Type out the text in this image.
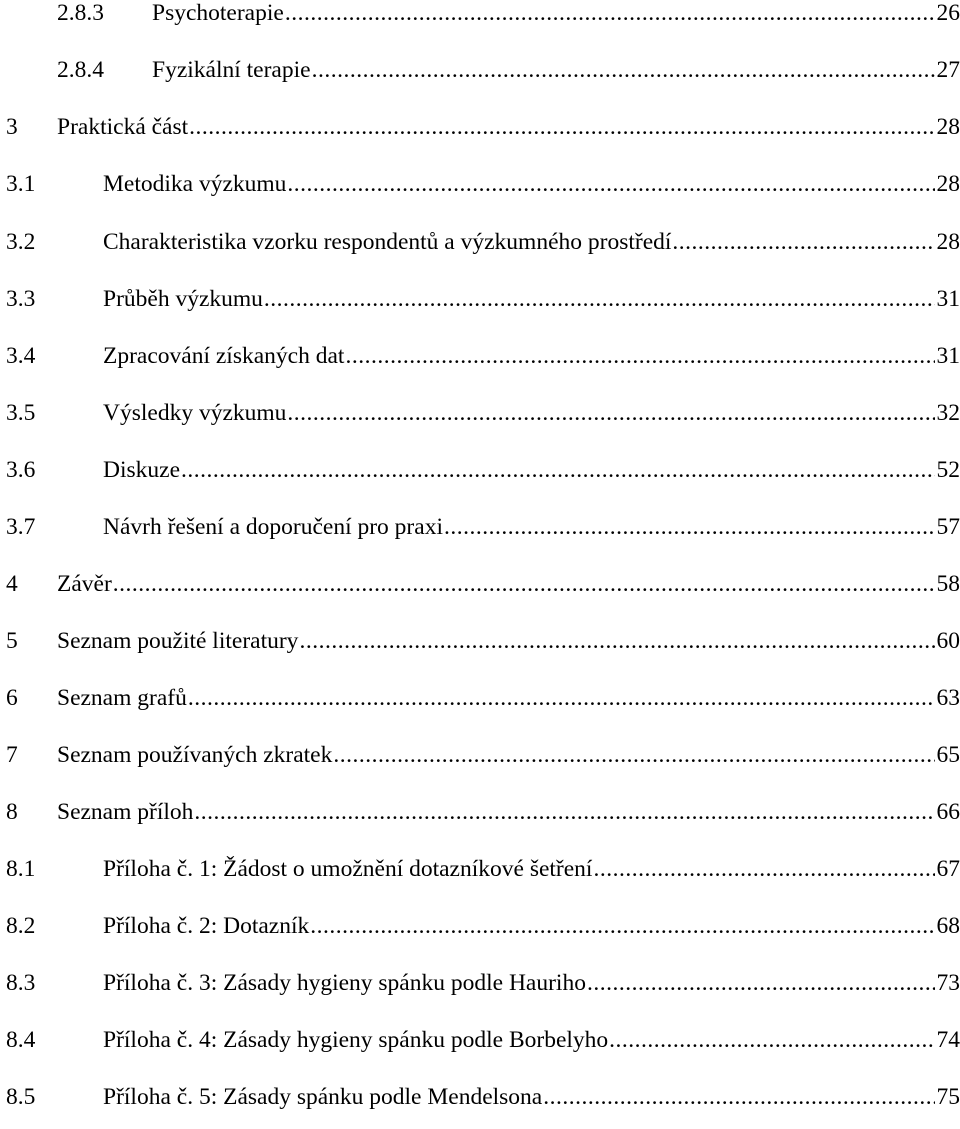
2.8.3	Psychoterapie .....	26
2.8.4	Fyzikální terapie .....	27
3	Praktická část .....	28
3.1	Metodika výzkumu .....	28
3.2	Charakteristika vzorku respondentů a výzkumného prostředí .....	28
3.3	Průběh výzkumu .....	31
3.4	Zpracování získaných dat .....	31
3.5	Výsledky výzkumu .....	32
3.6	Diskuze .....	52
3.7	Návrh řešení a doporučení pro praxi .....	57
4	Závěr .....	58
5	Seznam použité literatury .....	60
6	Seznam grafů .....	63
7	Seznam používaných zkratek .....	65
8	Seznam příloh .....	66
8.1	Příloha č. 1: Žádost o umožnění dotazníkové šetření .....	67
8.2	Příloha č. 2: Dotazník .....	68
8.3	Příloha č. 3: Zásady hygieny spánku podle Hauriho .....	73
8.4	Příloha č. 4: Zásady hygieny spánku podle Borbelyho .....	74
8.5	Příloha č. 5: Zásady spánku podle Mendelsona .....	75
